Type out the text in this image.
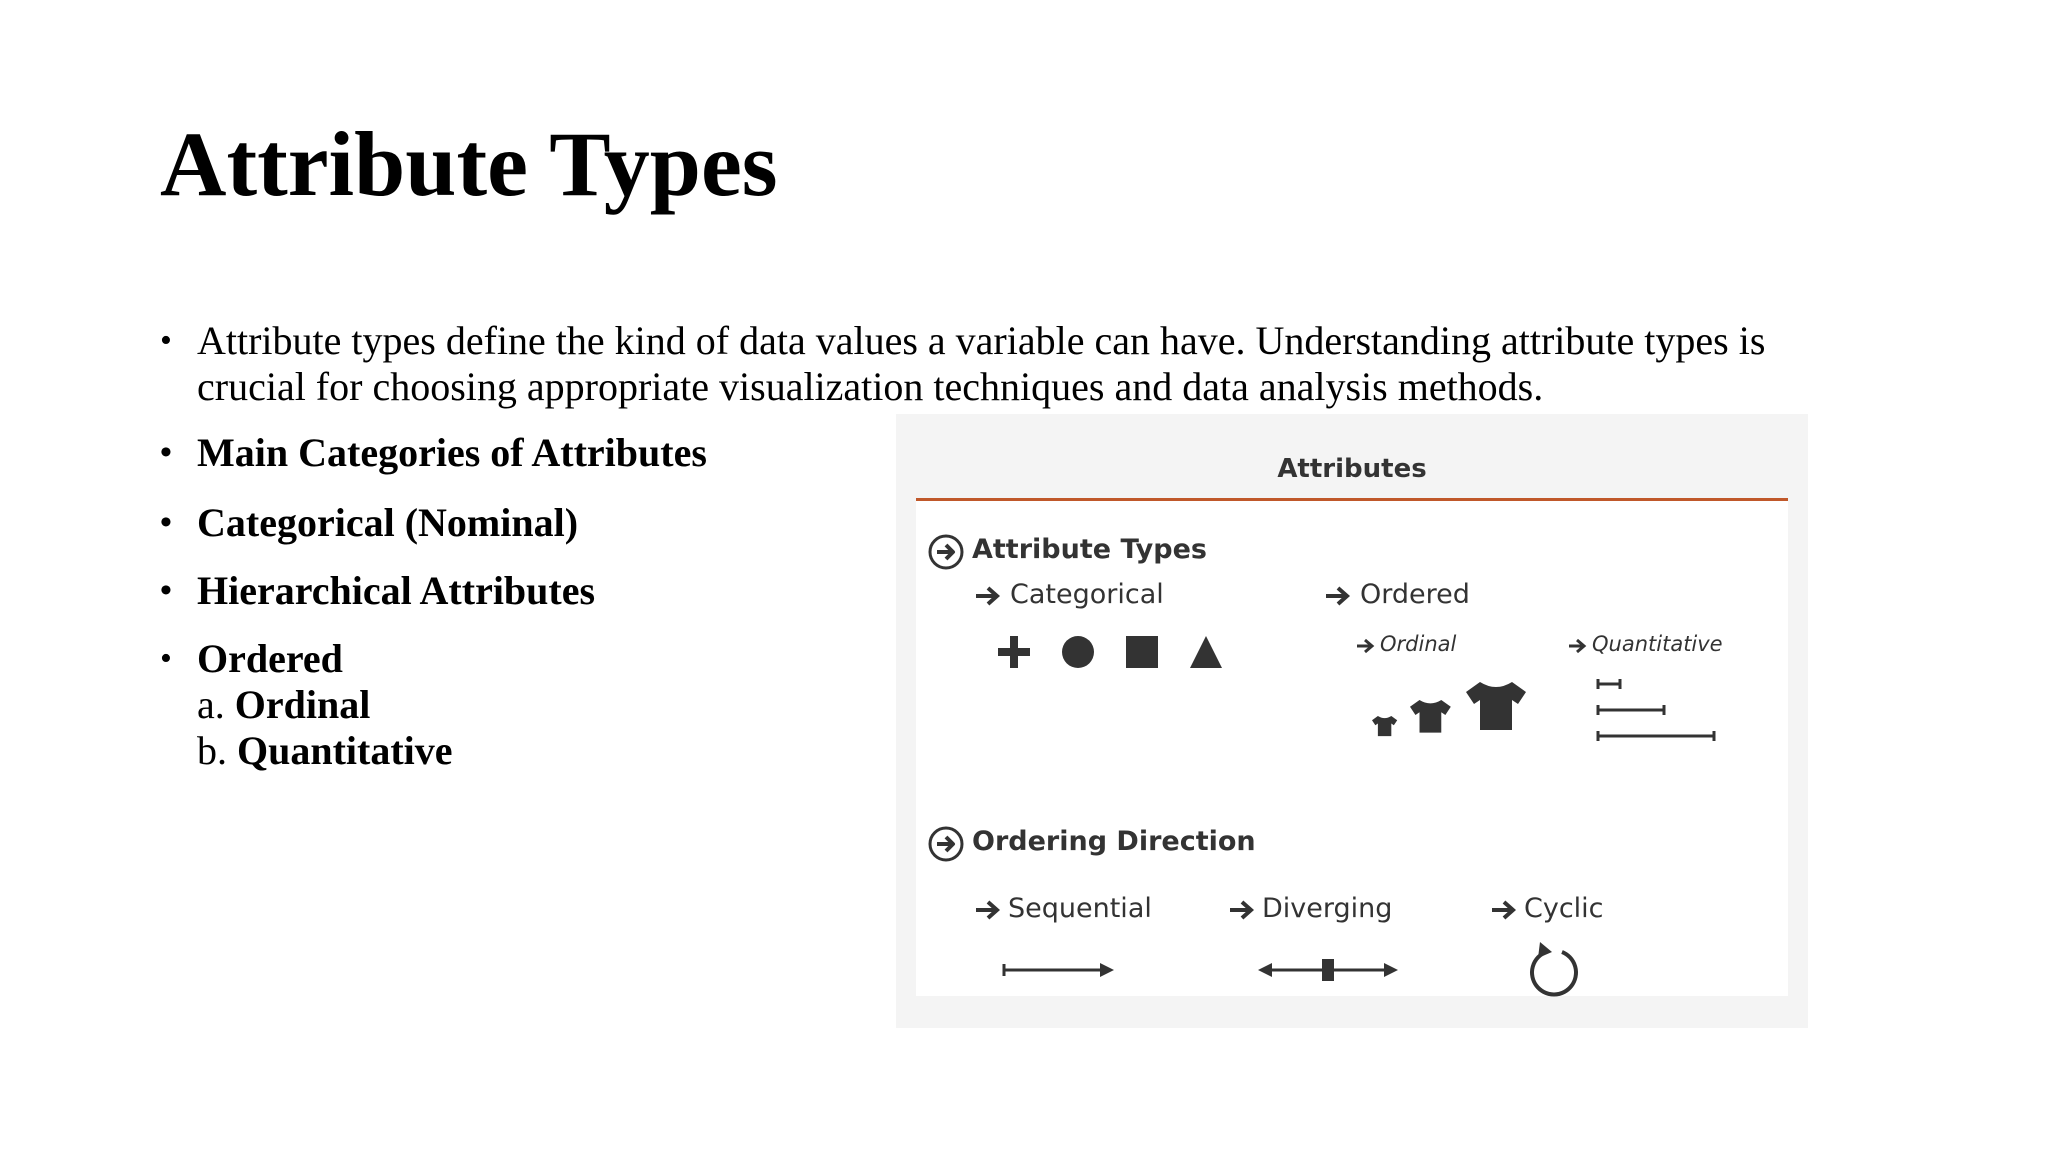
Attribute Types
• Attribute types define the kind of data values a variable can have. Understanding attribute types is
crucial for choosing appropriate visualization techniques and data analysis methods.
• Main Categories of Attributes
• Categorical (Nominal)
• Hierarchical Attributes
• Ordered
a. Ordinal
b. Quantitative
Attributes
Attribute Types
Categorical	Ordered
Ordinal	Quantitative
Ordering Direction
Sequential	Diverging	Cyclic
